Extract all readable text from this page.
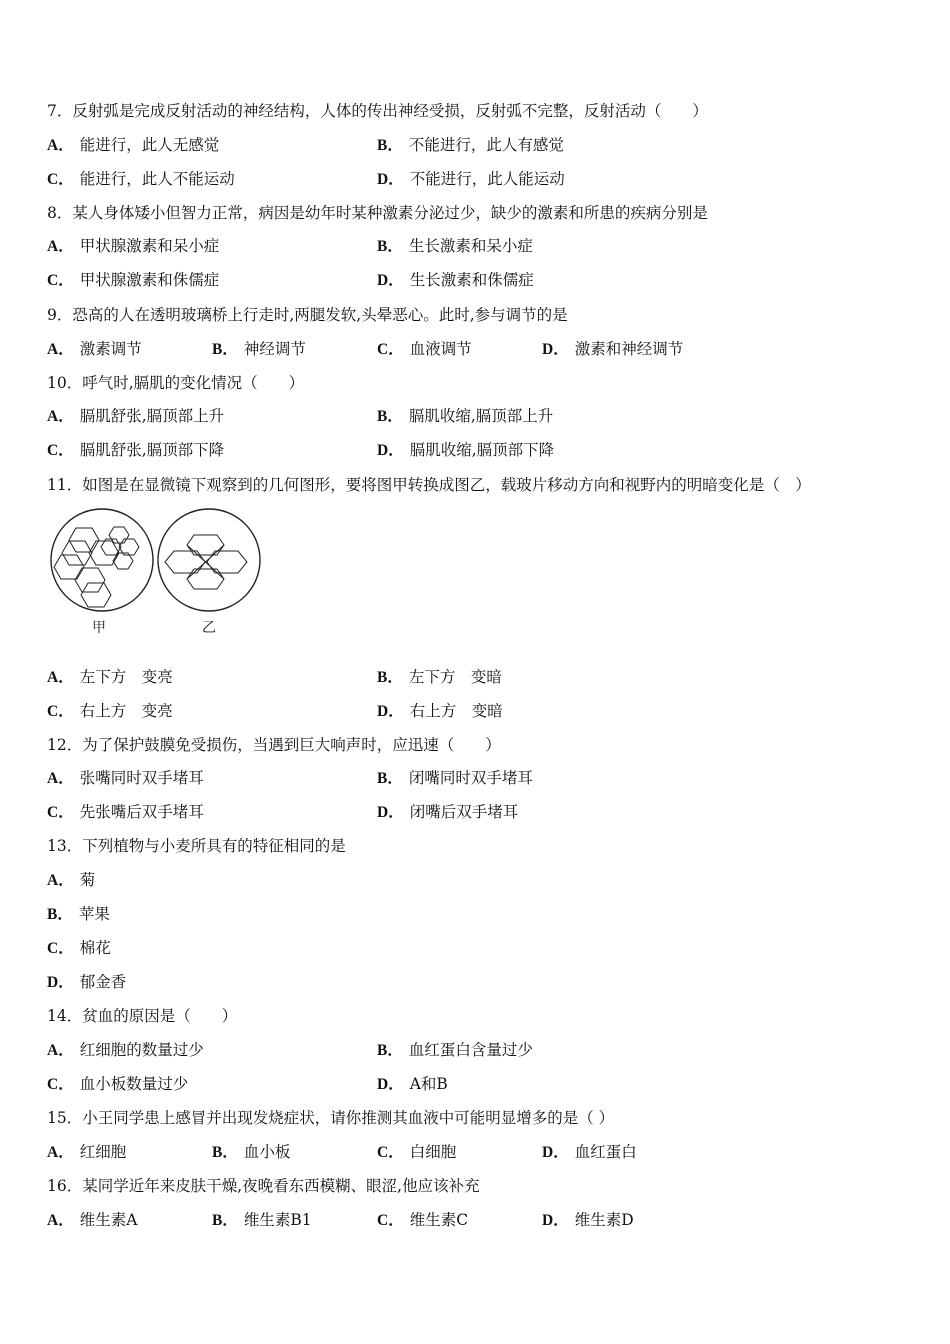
7．反射弧是完成反射活动的神经结构，人体的传出神经受损，反射弧不完整，反射活动（　　）
A． 能进行，此人无感觉	B． 不能进行，此人有感觉
C． 能进行，此人不能运动	D． 不能进行，此人能运动
8．某人身体矮小但智力正常，病因是幼年时某种激素分泌过少，缺少的激素和所患的疾病分别是
A． 甲状腺激素和呆小症	B． 生长激素和呆小症
C． 甲状腺激素和侏儒症	D． 生长激素和侏儒症
9．恐高的人在透明玻璃桥上行走时,两腿发软,头晕恶心。此时,参与调节的是
A． 激素调节	B． 神经调节	C． 血液调节	D． 激素和神经调节
10．呼气时,膈肌的变化情况（　　）
A． 膈肌舒张,膈顶部上升	B． 膈肌收缩,膈顶部上升
C． 膈肌舒张,膈顶部下降	D． 膈肌收缩,膈顶部下降
11．如图是在显微镜下观察到的几何图形，要将图甲转换成图乙，载玻片移动方向和视野内的明暗变化是（　）
甲	乙
A． 左下方　变亮	B． 左下方　变暗
C． 右上方　变亮	D． 右上方　变暗
12．为了保护鼓膜免受损伤，当遇到巨大响声时，应迅速（　　）
A． 张嘴同时双手堵耳	B． 闭嘴同时双手堵耳
C． 先张嘴后双手堵耳	D． 闭嘴后双手堵耳
13．下列植物与小麦所具有的特征相同的是
A． 菊
B． 苹果
C． 棉花
D． 郁金香
14．贫血的原因是（　　）
A． 红细胞的数量过少	B． 血红蛋白含量过少
C． 血小板数量过少	D． A和B
15．小王同学患上感冒并出现发烧症状，请你推测其血液中可能明显增多的是（ ）
A． 红细胞	B． 血小板	C． 白细胞	D． 血红蛋白
16．某同学近年来皮肤干燥,夜晚看东西模糊、眼涩,他应该补充
A． 维生素A	B． 维生素B1	C． 维生素C	D． 维生素D
